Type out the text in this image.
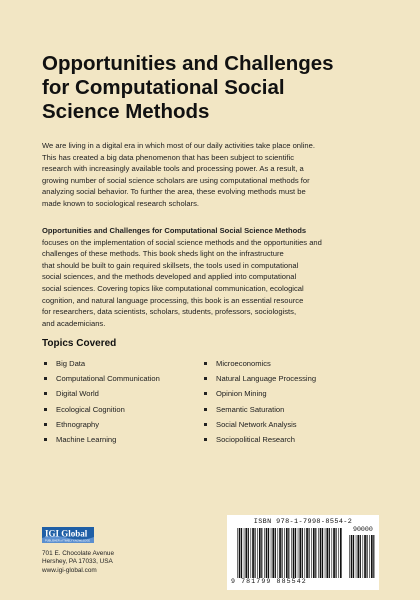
Opportunities and Challenges
for Computational Social
Science Methods
We are living in a digital era in which most of our daily activities take place online.
This has created a big data phenomenon that has been subject to scientific
research with increasingly available tools and processing power. As a result, a
growing number of social science scholars are using computational methods for
analyzing social behavior. To further the area, these evolving methods must be
made known to sociological research scholars.
Opportunities and Challenges for Computational Social Science Methods
focuses on the implementation of social science methods and the opportunities and
challenges of these methods. This book sheds light on the infrastructure
that should be built to gain required skillsets, the tools used in computational
social sciences, and the methods developed and applied into computational
social sciences. Covering topics like computational communication, ecological
cognition, and natural language processing, this book is an essential resource
for researchers, data scientists, scholars, students, professors, sociologists,
and academicians.
Topics Covered
Big Data
Computational Communication
Digital World
Ecological Cognition
Ethnography
Machine Learning
Microeconomics
Natural Language Processing
Opinion Mining
Semantic Saturation
Social Network Analysis
Sociopolitical Research
IGI Global
PUBLISHER of TIMELY KNOWLEDGE
701 E. Chocolate Avenue
Hershey, PA 17033, USA
www.igi-global.com
ISBN 978-1-7998-8554-2
90000
9 781799 885542
